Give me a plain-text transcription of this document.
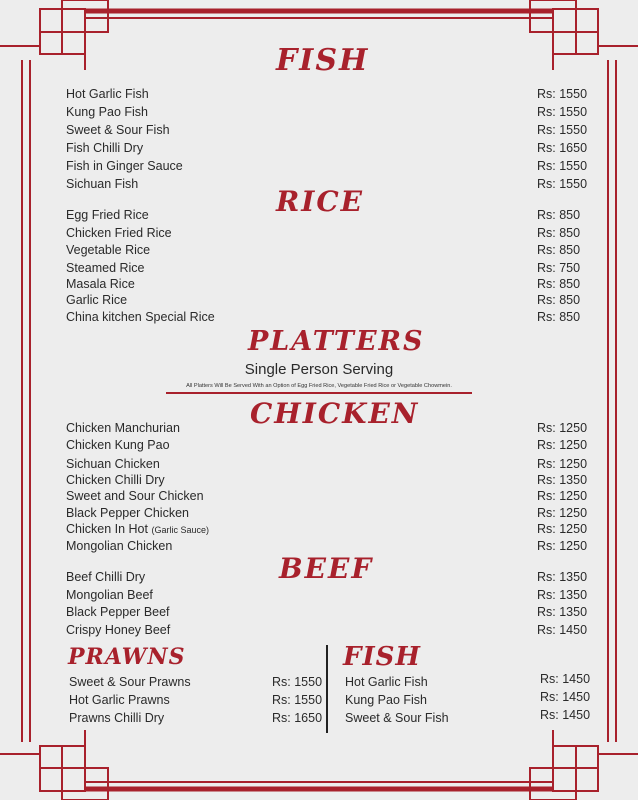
FISH
Hot Garlic Fish	Rs: 1550
Kung Pao Fish	Rs: 1550
Sweet & Sour Fish	Rs: 1550
Fish Chilli Dry	Rs: 1650
Fish in Ginger Sauce	Rs: 1550
Sichuan Fish	Rs: 1550
RICE
Egg Fried Rice	Rs: 850
Chicken Fried Rice	Rs: 850
Vegetable Rice	Rs: 850
Steamed Rice	Rs: 750
Masala Rice	Rs: 850
Garlic Rice	Rs: 850
China kitchen Special Rice	Rs: 850
PLATTERS
Single Person Serving
All Platters Will Be Served With an Option of Egg Fried Rice, Vegetable Fried Rice or Vegetable Chowmein.
CHICKEN
Chicken Manchurian	Rs: 1250
Chicken Kung Pao	Rs: 1250
Sichuan Chicken	Rs: 1250
Chicken Chilli Dry	Rs: 1350
Sweet and Sour Chicken	Rs: 1250
Black Pepper Chicken	Rs: 1250
Chicken In Hot (Garlic Sauce)	Rs: 1250
Mongolian Chicken	Rs: 1250
BEEF
Beef Chilli Dry	Rs: 1350
Mongolian Beef	Rs: 1350
Black Pepper Beef	Rs: 1350
Crispy Honey Beef	Rs: 1450
PRAWNS
Sweet & Sour Prawns	Rs: 1550
Hot Garlic Prawns	Rs: 1550
Prawns Chilli Dry	Rs: 1650
FISH
Hot Garlic Fish	Rs: 1450
Kung Pao Fish	Rs: 1450
Sweet & Sour Fish	Rs: 1450
